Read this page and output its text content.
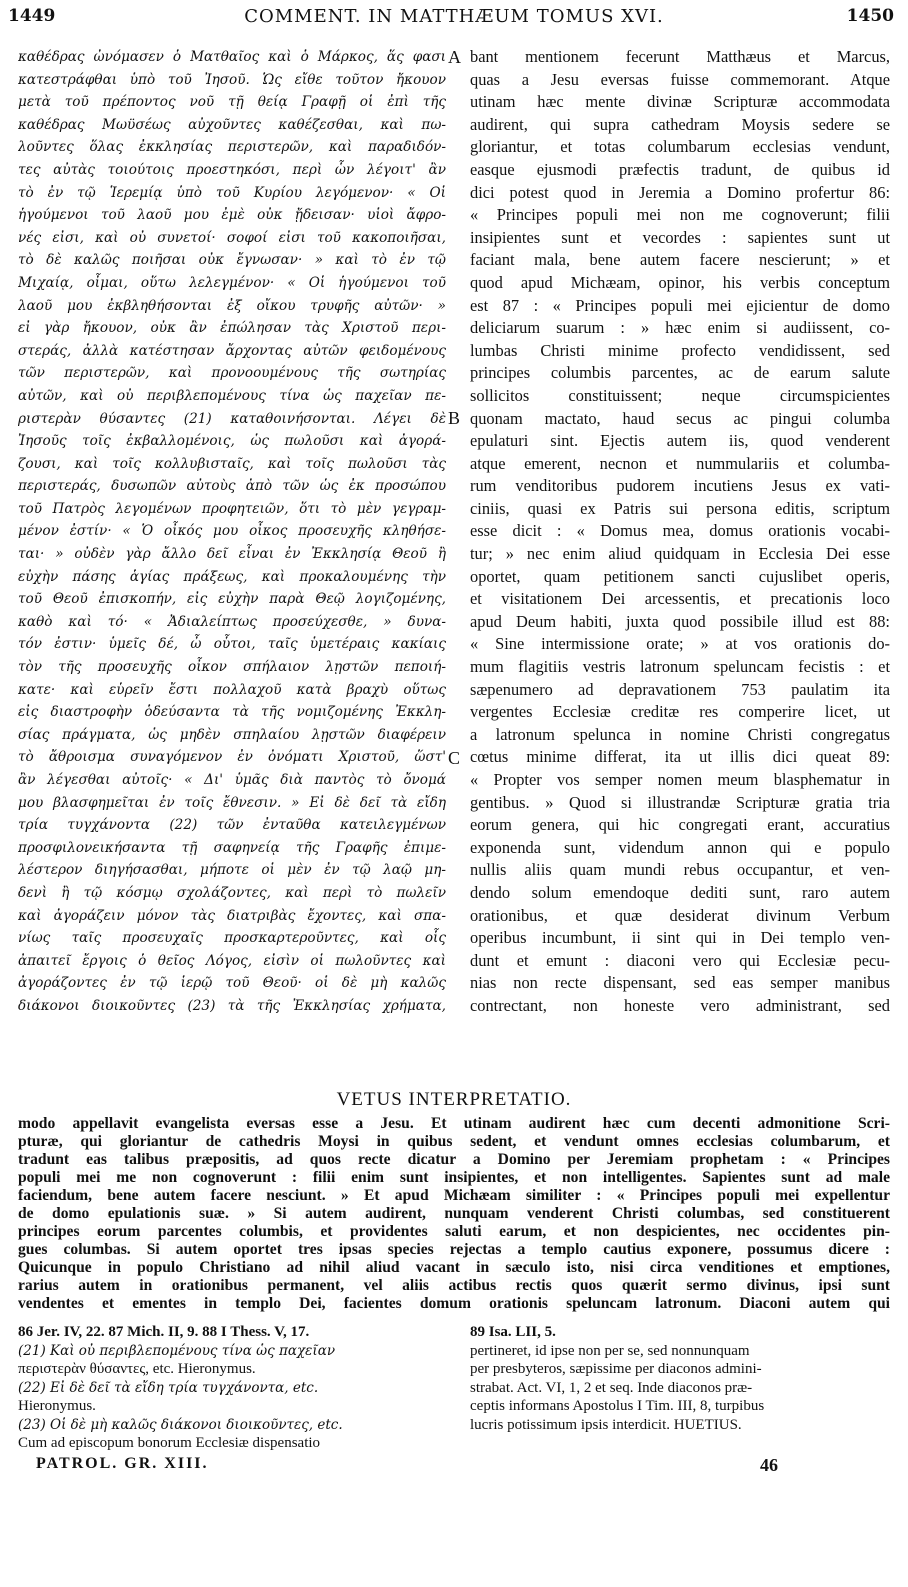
1449	COMMENT. IN MATTHÆUM TOMUS XVI.	1450
καθέδρας ὠνόμασεν ὁ Ματθαῖος καὶ ὁ Μάρκος, ἅς φασι
κατεστράφθαι ὑπὸ τοῦ Ἰησοῦ. Ὡς εἴθε τοῦτον ἤκουον
μετὰ τοῦ πρέποντος νοῦ τῇ θείᾳ Γραφῇ οἱ ἐπὶ τῆς
καθέδρας Μωϋσέως αὐχοῦντες καθέζεσθαι, καὶ πω-
λοῦντες ὅλας ἐκκλησίας περιστερῶν, καὶ παραδιδόν-
τες αὐτὰς τοιούτοις προεστηκόσι, περὶ ὧν λέγοιτ' ἂν
τὸ ἐν τῷ Ἱερεμίᾳ ὑπὸ τοῦ Κυρίου λεγόμενον· « Οἱ
ἡγούμενοι τοῦ λαοῦ μου ἐμὲ οὐκ ᾔδεισαν· υἱοὶ ἄφρο-
νές εἰσι, καὶ οὐ συνετοί· σοφοί εἰσι τοῦ κακοποιῆσαι,
τὸ δὲ καλῶς ποιῆσαι οὐκ ἔγνωσαν· » καὶ τὸ ἐν τῷ
Μιχαίᾳ, οἶμαι, οὕτω λελεγμένον· « Οἱ ἡγούμενοι τοῦ
λαοῦ μου ἐκβληθήσονται ἐξ οἴκου τρυφῆς αὐτῶν· »
εἰ γὰρ ἤκουον, οὐκ ἂν ἐπώλησαν τὰς Χριστοῦ περι-
στεράς, ἀλλὰ κατέστησαν ἄρχοντας αὐτῶν φειδομένους
τῶν περιστερῶν, καὶ προνοουμένους τῆς σωτηρίας
αὐτῶν, καὶ οὐ περιβλεπομένους τίνα ὡς παχεῖαν πε-
ριστερὰν θύσαντες (21) καταθοινήσονται. Λέγει δὲ
Ἰησοῦς τοῖς ἐκβαλλομένοις, ὡς πωλοῦσι καὶ ἀγορά-
ζουσι, καὶ τοῖς κολλυβισταῖς, καὶ τοῖς πωλοῦσι τὰς
περιστεράς, δυσωπῶν αὐτοὺς ἀπὸ τῶν ὡς ἐκ προσώπου
τοῦ Πατρὸς λεγομένων προφητειῶν, ὅτι τὸ μὲν γεγραμ-
μένον ἐστίν· « Ὁ οἶκός μου οἶκος προσευχῆς κληθήσε-
ται· » οὐδὲν γὰρ ἄλλο δεῖ εἶναι ἐν Ἐκκλησίᾳ Θεοῦ ἢ
εὐχὴν πάσης ἁγίας πράξεως, καὶ προκαλουμένης τὴν
τοῦ Θεοῦ ἐπισκοπήν, εἰς εὐχὴν παρὰ Θεῷ λογιζομένης,
καθὸ καὶ τό· « Ἀδιαλείπτως προσεύχεσθε, » δυνα-
τόν ἐστιν· ὑμεῖς δέ, ὦ οὗτοι, ταῖς ὑμετέραις κακίαις
τὸν τῆς προσευχῆς οἶκον σπήλαιον λῃστῶν πεποιή-
κατε· καὶ εὑρεῖν ἔστι πολλαχοῦ κατὰ βραχὺ οὕτως
εἰς διαστροφὴν ὁδεύσαντα τὰ τῆς νομιζομένης Ἐκκλη-
σίας πράγματα, ὡς μηδὲν σπηλαίου λῃστῶν διαφέρειν
τὸ ἄθροισμα συναγόμενον ἐν ὀνόματι Χριστοῦ, ὥστ'
ἂν λέγεσθαι αὐτοῖς· « Δι' ὑμᾶς διὰ παντὸς τὸ ὄνομά
μου βλασφημεῖται ἐν τοῖς ἔθνεσιν. » Εἰ δὲ δεῖ τὰ εἴδη
τρία τυγχάνοντα (22) τῶν ἐνταῦθα κατειλεγμένων
προσφιλονεικήσαντα τῇ σαφηνείᾳ τῆς Γραφῆς ἐπιμε-
λέστερον διηγήσασθαι, μήποτε οἱ μὲν ἐν τῷ λαῷ μη-
δενὶ ἢ τῷ κόσμῳ σχολάζοντες, καὶ περὶ τὸ πωλεῖν
καὶ ἀγοράζειν μόνον τὰς διατριβὰς ἔχοντες, καὶ σπα-
νίως ταῖς προσευχαῖς προσκαρτεροῦντες, καὶ οἷς
ἀπαιτεῖ ἔργοις ὁ θεῖος Λόγος, εἰσὶν οἱ πωλοῦντες καὶ
ἀγοράζοντες ἐν τῷ ἱερῷ τοῦ Θεοῦ· οἱ δὲ μὴ καλῶς
διάκονοι διοικοῦντες (23) τὰ τῆς Ἐκκλησίας χρήματα,
bant mentionem fecerunt Matthæus et Marcus,
quas a Jesu eversas fuisse commemorant. Atque
utinam hæc mente divinæ Scripturæ accommodata
audirent, qui supra cathedram Moysis sedere se
gloriantur, et totas columbarum ecclesias vendunt,
easque ejusmodi præfectis tradunt, de quibus id
dici potest quod in Jeremia a Domino profertur 86:
« Principes populi mei non me cognoverunt; filii
insipientes sunt et vecordes : sapientes sunt ut
faciant mala, bene autem facere nescierunt; » et
quod apud Michæam, opinor, his verbis conceptum
est 87 : « Principes populi mei ejicientur de domo
deliciarum suarum : » hæc enim si audiissent, co-
lumbas Christi minime profecto vendidissent, sed
principes columbis parcentes, ac de earum salute
sollicitos constituissent; neque circumspicientes
quonam mactato, haud secus ac pingui columba
epulaturi sint. Ejectis autem iis, quod venderent
atque emerent, necnon et nummulariis et columba-
rum venditoribus pudorem incutiens Jesus ex vati-
ciniis, quasi ex Patris sui persona editis, scriptum
esse dicit : « Domus mea, domus orationis vocabi-
tur; » nec enim aliud quidquam in Ecclesia Dei esse
oportet, quam petitionem sancti cujuslibet operis,
et visitationem Dei arcessentis, et precationis loco
apud Deum habiti, juxta quod possibile illud est 88:
« Sine intermissione orate; » at vos orationis do-
mum flagitiis vestris latronum speluncam fecistis : et
sæpenumero ad depravationem 753 paulatim ita
vergentes Ecclesiæ creditæ res comperire licet, ut
a latronum spelunca in nomine Christi congregatus
cœtus minime differat, ita ut illis dici queat 89:
« Propter vos semper nomen meum blasphematur in
gentibus. » Quod si illustrandæ Scripturæ gratia tria
eorum genera, qui hic congregati erant, accuratius
exponenda sunt, videndum annon qui e populo
nullis aliis quam mundi rebus occupantur, et ven-
dendo solum emendoque dediti sunt, raro autem
orationibus, et quæ desiderat divinum Verbum
operibus incumbunt, ii sint qui in Dei templo ven-
dunt et emunt : diaconi vero qui Ecclesiæ pecu-
nias non recte dispensant, sed eas semper manibus
contrectant, non honeste vero administrant, sed
A
B
C
VETUS INTERPRETATIO.
modo appellavit evangelista eversas esse a Jesu. Et utinam audirent hæc cum decenti admonitione Scri-
pturæ, qui gloriantur de cathedris Moysi in quibus sedent, et vendunt omnes ecclesias columbarum, et
tradunt eas talibus præpositis, ad quos recte dicatur a Domino per Jeremiam prophetam : « Principes
populi mei me non cognoverunt : filii enim sunt insipientes, et non intelligentes. Sapientes sunt ad male
faciendum, bene autem facere nesciunt. » Et apud Michæam similiter : « Principes populi mei expellentur
de domo epulationis suæ. » Si autem audirent, nunquam venderent Christi columbas, sed constituerent
principes eorum parcentes columbis, et providentes saluti earum, et non despicientes, nec occidentes pin-
gues columbas. Si autem oportet tres ipsas species rejectas a templo cautius exponere, possumus dicere :
Quicunque in populo Christiano ad nihil aliud vacant in sæculo isto, nisi circa venditiones et emptiones,
rarius autem in orationibus permanent, vel aliis actibus rectis quos quærit sermo divinus, ipsi sunt
vendentes et ementes in templo Dei, facientes domum orationis speluncam latronum. Diaconi autem qui
86 Jer. IV, 22. 87 Mich. II, 9. 88 I Thess. V, 17.
(21) Καὶ οὐ περιβλεπομένους τίνα ὡς παχεῖαν
περιστερὰν θύσαντες, etc. Hieronymus.
(22) Εἰ δὲ δεῖ τὰ εἴδη τρία τυγχάνοντα, etc.
Hieronymus.
(23) Οἱ δὲ μὴ καλῶς διάκονοι διοικοῦντες, etc.
Cum ad episcopum bonorum Ecclesiæ dispensatio
89 Isa. LII, 5.
pertineret, id ipse non per se, sed nonnunquam
per presbyteros, sæpissime per diaconos admini-
strabat. Act. VI, 1, 2 et seq. Inde diaconos præ-
ceptis informans Apostolus I Tim. III, 8, turpibus
lucris potissimum ipsis interdicit. HUETIUS.
PATROL. GR. XIII.	46
